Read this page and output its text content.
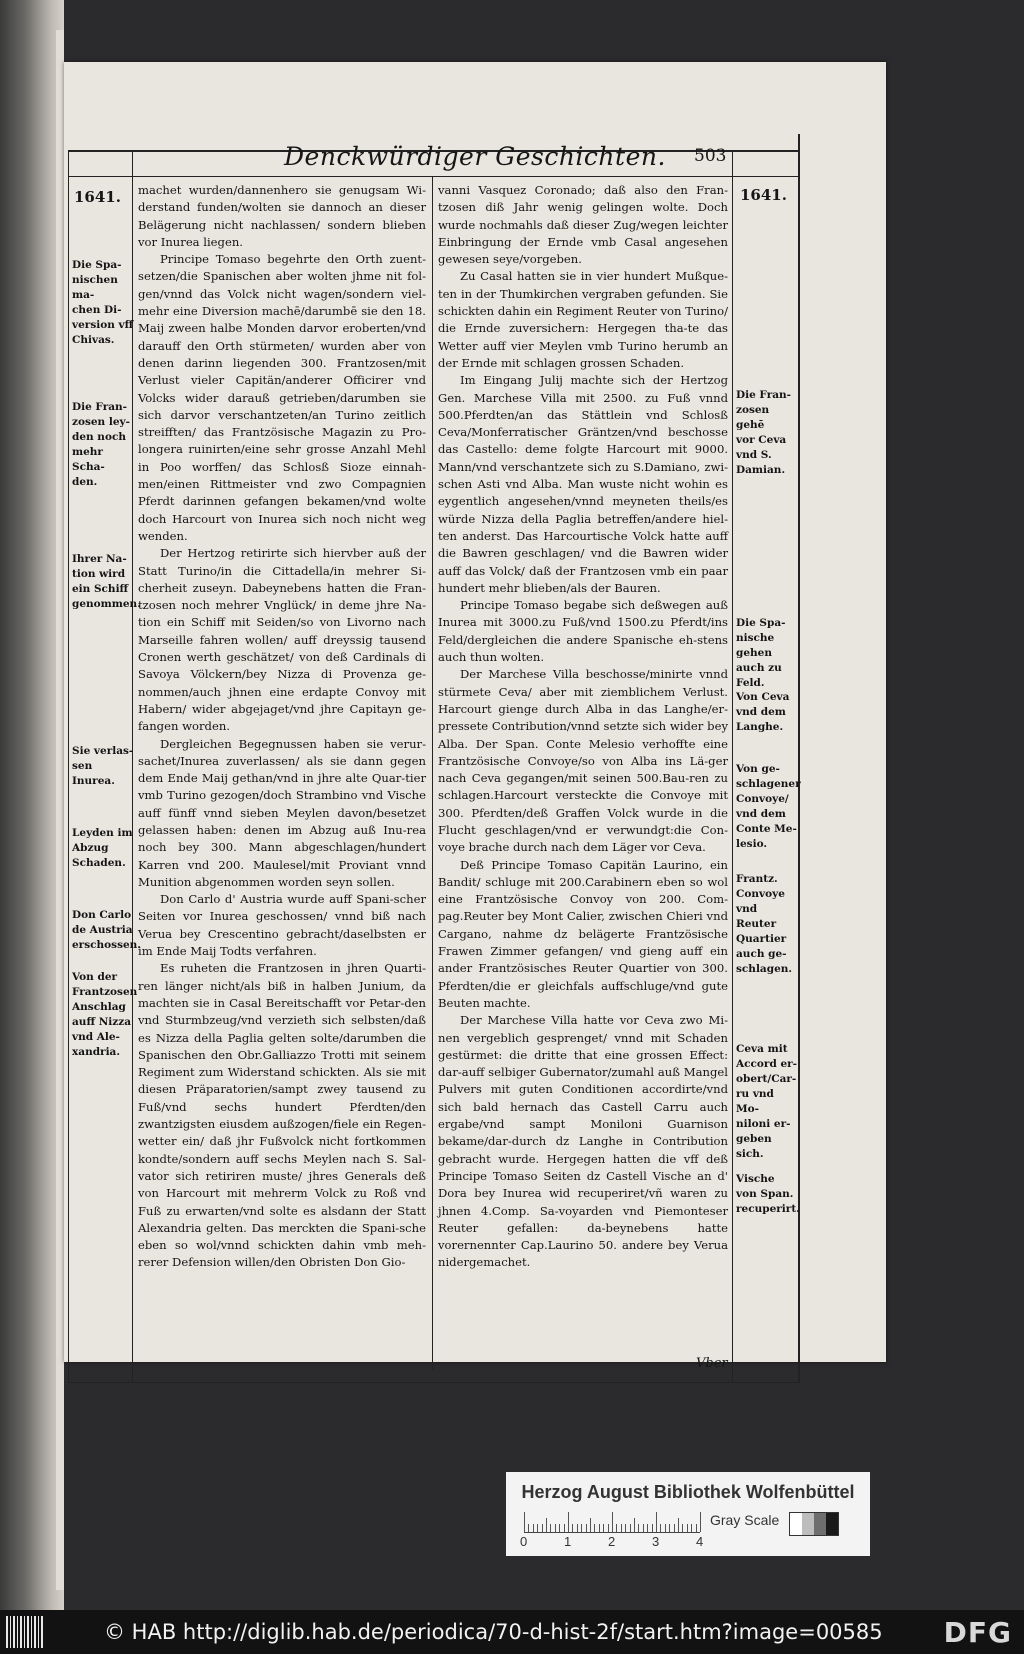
Denckwürdiger Geschichten. 503
1641.	1641.
Die Spa-
nischen ma-
chen Di-
version vff
Chivas.
Die Fran-
zosen ley-
den noch
mehr Scha-
den.
Ihrer Na-
tion wird
ein Schiff
genommen.
Sie verlas-
sen Inurea.
Leyden im
Abzug
Schaden.
Don Carlo
de Austria
erschossen.
Von der
Frantzosen
Anschlag
auff Nizza
vnd Ale-
xandria.
Die Fran-
zosen gehē
vor Ceva
vnd S.
Damian.
Die Spa-
nische gehen
auch zu
Feld.
Von Ceva
vnd dem
Langhe.
Von ge-
schlagener
Convoye/
vnd dem
Conte Me-
lesio.
Frantz.
Convoye
vnd Reuter
Quartier
auch ge-
schlagen.
Ceva mit
Accord er-
obert/Car-
ru vnd Mo-
niloni er-
geben sich.
Vische
von Span.
recuperirt.

machet wurden/dannenhero sie genugsam Wi-derstand funden/wolten sie dannoch an dieser Belägerung nicht nachlassen/ sondern blieben vor Inurea liegen.

Principe Tomaso begehrte den Orth zuent-setzen/die Spanischen aber wolten jhme nit fol-gen/vnnd das Volck nicht wagen/sondern viel-mehr eine Diversion machē/darumbē sie den 18. Maij zween halbe Monden darvor eroberten/vnd darauff den Orth stürmeten/ wurden aber von denen darinn liegenden 300. Frantzosen/mit Verlust vieler Capitän/anderer Officirer vnd Volcks wider darauß getrieben/darumben sie sich darvor verschantzeten/an Turino zeitlich streifften/ das Frantzösische Magazin zu Pro-longera ruinirten/eine sehr grosse Anzahl Mehl in Poo worffen/ das Schlosß Sioze einnah-men/einen Rittmeister vnd zwo Compagnien Pferdt darinnen gefangen bekamen/vnd wolte doch Harcourt von Inurea sich noch nicht weg wenden.

Der Hertzog retirirte sich hiervber auß der Statt Turino/in die Cittadella/in mehrer Si-cherheit zuseyn. Dabeynebens hatten die Fran-tzosen noch mehrer Vnglück/ in deme jhre Na-tion ein Schiff mit Seiden/so von Livorno nach Marseille fahren wollen/ auff dreyssig tausend Cronen werth geschätzet/ von deß Cardinals di Savoya Völckern/bey Nizza di Provenza ge-nommen/auch jhnen eine erdapte Convoy mit Habern/ wider abgejaget/vnd jhre Capitayn ge-fangen worden.

Dergleichen Begegnussen haben sie verur-sachet/Inurea zuverlassen/ als sie dann gegen dem Ende Maij gethan/vnd in jhre alte Quar-tier vmb Turino gezogen/doch Strambino vnd Vische auff fünff vnnd sieben Meylen davon/besetzet gelassen haben: denen im Abzug auß Inu-rea noch bey 300. Mann abgeschlagen/hundert Karren vnd 200. Maulesel/mit Proviant vnnd Munition abgenommen worden seyn sollen.

Don Carlo d' Austria wurde auff Spani-scher Seiten vor Inurea geschossen/ vnnd biß nach Verua bey Crescentino gebracht/daselbsten er im Ende Maij Todts verfahren.

Es ruheten die Frantzosen in jhren Quarti-ren länger nicht/als biß in halben Junium, da machten sie in Casal Bereitschafft vor Petar-den vnd Sturmbzeug/vnd verzieth sich selbsten/daß es Nizza della Paglia gelten solte/darumben die Spanischen den Obr.Galliazzo Trotti mit seinem Regiment zum Widerstand schickten. Als sie mit diesen Präparatorien/sampt zwey tausend zu Fuß/vnd sechs hundert Pferdten/den zwantzigsten eiusdem außzogen/fiele ein Regen-wetter ein/ daß jhr Fußvolck nicht fortkommen kondte/sondern auff sechs Meylen nach S. Sal-vator sich retiriren muste/ jhres Generals deß von Harcourt mit mehrerm Volck zu Roß vnd Fuß zu erwarten/vnd solte es alsdann der Statt Alexandria gelten. Das merckten die Spani-sche eben so wol/vnnd schickten dahin vmb meh-rerer Defension willen/den Obristen Don Gio-

vanni Vasquez Coronado; daß also den Fran-tzosen diß Jahr wenig gelingen wolte. Doch wurde nochmahls daß dieser Zug/wegen leichter Einbringung der Ernde vmb Casal angesehen gewesen seye/vorgeben.

Zu Casal hatten sie in vier hundert Mußque-ten in der Thumkirchen vergraben gefunden. Sie schickten dahin ein Regiment Reuter von Turino/ die Ernde zuversichern: Hergegen tha-te das Wetter auff vier Meylen vmb Turino herumb an der Ernde mit schlagen grossen Schaden.

Im Eingang Julij machte sich der Hertzog Gen. Marchese Villa mit 2500. zu Fuß vnnd 500.Pferdten/an das Stättlein vnd Schlosß Ceva/Monferratischer Gräntzen/vnd beschosse das Castello: deme folgte Harcourt mit 9000. Mann/vnd verschantzete sich zu S.Damiano, zwi-schen Asti vnd Alba. Man wuste nicht wohin es eygentlich angesehen/vnnd meyneten theils/es würde Nizza della Paglia betreffen/andere hiel-ten anderst. Das Harcourtische Volck hatte auff die Bawren geschlagen/ vnd die Bawren wider auff das Volck/ daß der Frantzosen vmb ein paar hundert mehr blieben/als der Bauren.

Principe Tomaso begabe sich deßwegen auß Inurea mit 3000.zu Fuß/vnd 1500.zu Pferdt/ins Feld/dergleichen die andere Spanische eh-stens auch thun wolten.

Der Marchese Villa beschosse/minirte vnnd stürmete Ceva/ aber mit ziemblichem Verlust. Harcourt gienge durch Alba in das Langhe/er-pressete Contribution/vnnd setzte sich wider bey Alba. Der Span. Conte Melesio verhoffte eine Frantzösische Convoye/so von Alba ins Lä-ger nach Ceva gegangen/mit seinen 500.Bau-ren zu schlagen.Harcourt versteckte die Convoye mit 300. Pferdten/deß Graffen Volck wurde in die Flucht geschlagen/vnd er verwundgt:die Con-voye brache durch nach dem Läger vor Ceva.

Deß Principe Tomaso Capitän Laurino, ein Bandit/ schluge mit 200.Carabinern eben so wol eine Frantzösische Convoy von 200. Com-pag.Reuter bey Mont Calier, zwischen Chieri vnd Cargano, nahme dz belägerte Frantzösische Frawen Zimmer gefangen/ vnd gieng auff ein ander Frantzösisches Reuter Quartier von 300. Pferdten/die er gleichfals auffschluge/vnd gute Beuten machte.

Der Marchese Villa hatte vor Ceva zwo Mi-nen vergeblich gesprenget/ vnnd mit Schaden gestürmet: die dritte that eine grossen Effect: dar-auff selbiger Gubernator/zumahl auß Mangel Pulvers mit guten Conditionen accordirte/vnd sich bald hernach das Castell Carru auch ergabe/vnd sampt Moniloni Guarnison bekame/dar-durch dz Langhe in Contribution gebracht wurde. Hergegen hatten die vff deß Principe Tomaso Seiten dz Castell Vische an d' Dora bey Inurea wid recuperiret/vñ waren zu jhnen 4.Comp. Sa-voyarden vnd Piemonteser Reuter gefallen: da-beynebens hatte vorernennter Cap.Laurino 50. andere bey Verua nidergemachet.

Vber
Herzog August Bibliothek Wolfenbüttel
0	1	2	3	4
Gray Scale
© HAB http://diglib.hab.de/periodica/70-d-hist-2f/start.htm?image=00585 DFG
